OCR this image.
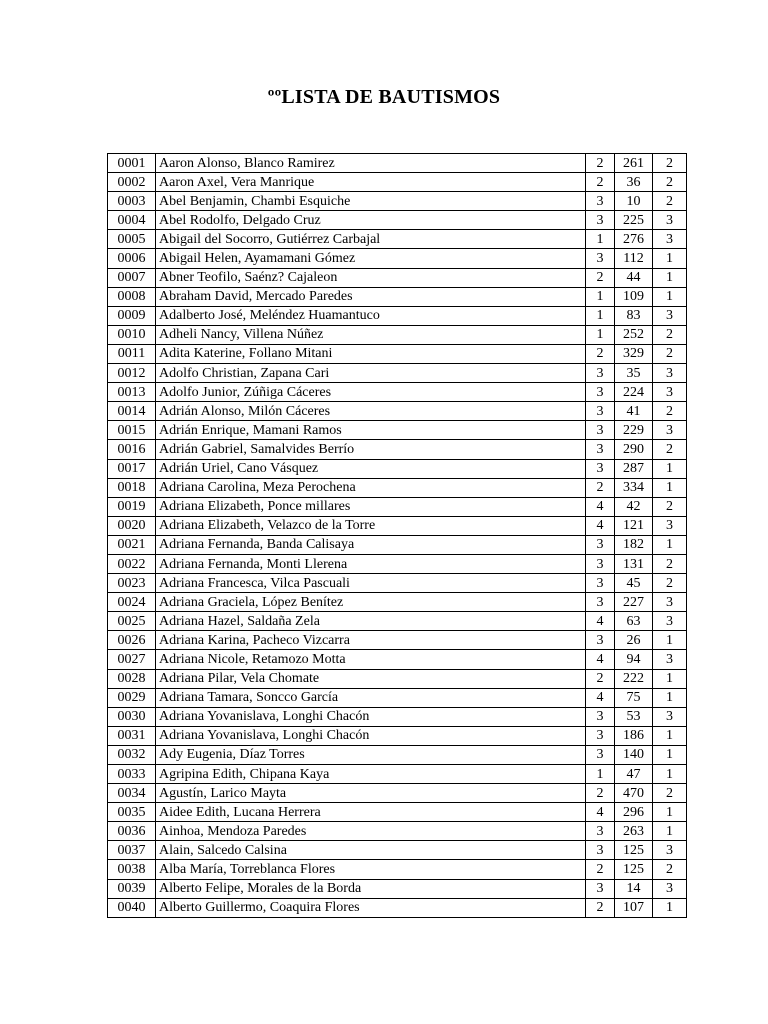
ººLISTA DE BAUTISMOS
0001	Aaron Alonso, Blanco Ramirez	2	261	2
0002	Aaron Axel, Vera Manrique	2	36	2
0003	Abel Benjamin, Chambi Esquiche	3	10	2
0004	Abel Rodolfo, Delgado Cruz	3	225	3
0005	Abigail del Socorro, Gutiérrez Carbajal	1	276	3
0006	Abigail Helen, Ayamamani Gómez	3	112	1
0007	Abner Teofilo, Saénz? Cajaleon	2	44	1
0008	Abraham David, Mercado Paredes	1	109	1
0009	Adalberto José, Meléndez Huamantuco	1	83	3
0010	Adheli Nancy, Villena Núñez	1	252	2
0011	Adita Katerine, Follano Mitani	2	329	2
0012	Adolfo Christian, Zapana Cari	3	35	3
0013	Adolfo Junior, Zúñiga Cáceres	3	224	3
0014	Adrián Alonso, Milón Cáceres	3	41	2
0015	Adrián Enrique, Mamani Ramos	3	229	3
0016	Adrián Gabriel, Samalvides Berrío	3	290	2
0017	Adrián Uriel, Cano Vásquez	3	287	1
0018	Adriana Carolina, Meza Perochena	2	334	1
0019	Adriana Elizabeth, Ponce millares	4	42	2
0020	Adriana Elizabeth, Velazco de la Torre	4	121	3
0021	Adriana Fernanda, Banda Calisaya	3	182	1
0022	Adriana Fernanda, Monti Llerena	3	131	2
0023	Adriana Francesca, Vilca Pascuali	3	45	2
0024	Adriana Graciela, López Benítez	3	227	3
0025	Adriana Hazel, Saldaña Zela	4	63	3
0026	Adriana Karina, Pacheco Vizcarra	3	26	1
0027	Adriana Nicole, Retamozo Motta	4	94	3
0028	Adriana Pilar, Vela Chomate	2	222	1
0029	Adriana Tamara, Soncco García	4	75	1
0030	Adriana Yovanislava, Longhi Chacón	3	53	3
0031	Adriana Yovanislava, Longhi Chacón	3	186	1
0032	Ady Eugenia, Díaz Torres	3	140	1
0033	Agripina Edith, Chipana Kaya	1	47	1
0034	Agustín, Larico Mayta	2	470	2
0035	Aidee Edith, Lucana Herrera	4	296	1
0036	Ainhoa, Mendoza Paredes	3	263	1
0037	Alain, Salcedo Calsina	3	125	3
0038	Alba María, Torreblanca Flores	2	125	2
0039	Alberto Felipe, Morales de la Borda	3	14	3
0040	Alberto Guillermo, Coaquira Flores	2	107	1
